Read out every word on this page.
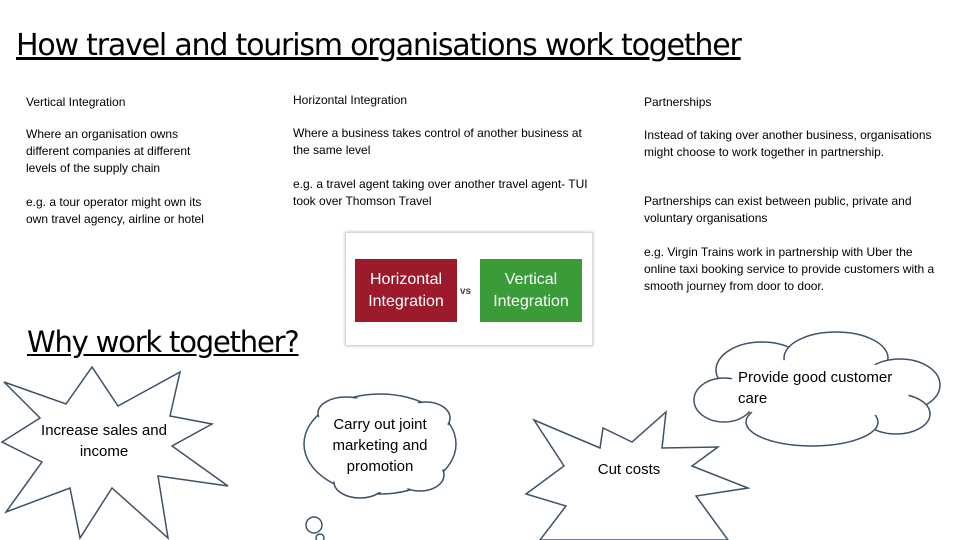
How travel and tourism organisations work together
Vertical Integration
Where an organisation owns different companies at different levels of the supply chain
e.g. a tour operator might own its own travel agency, airline or hotel
Horizontal Integration
Where a business takes control of another business at the same level
e.g. a travel agent taking over another travel agent- TUI took over Thomson Travel
Partnerships
Instead of taking over another business, organisations might choose to work together in partnership.
Partnerships can exist between public, private and voluntary organisations
e.g. Virgin Trains work in partnership with Uber the online taxi booking service to provide customers with a smooth journey from door to door.
Horizontal Integration
vs
Vertical Integration
Why work together?
Increase sales and income
Carry out joint marketing and promotion	Cut costs
Provide good customer care
